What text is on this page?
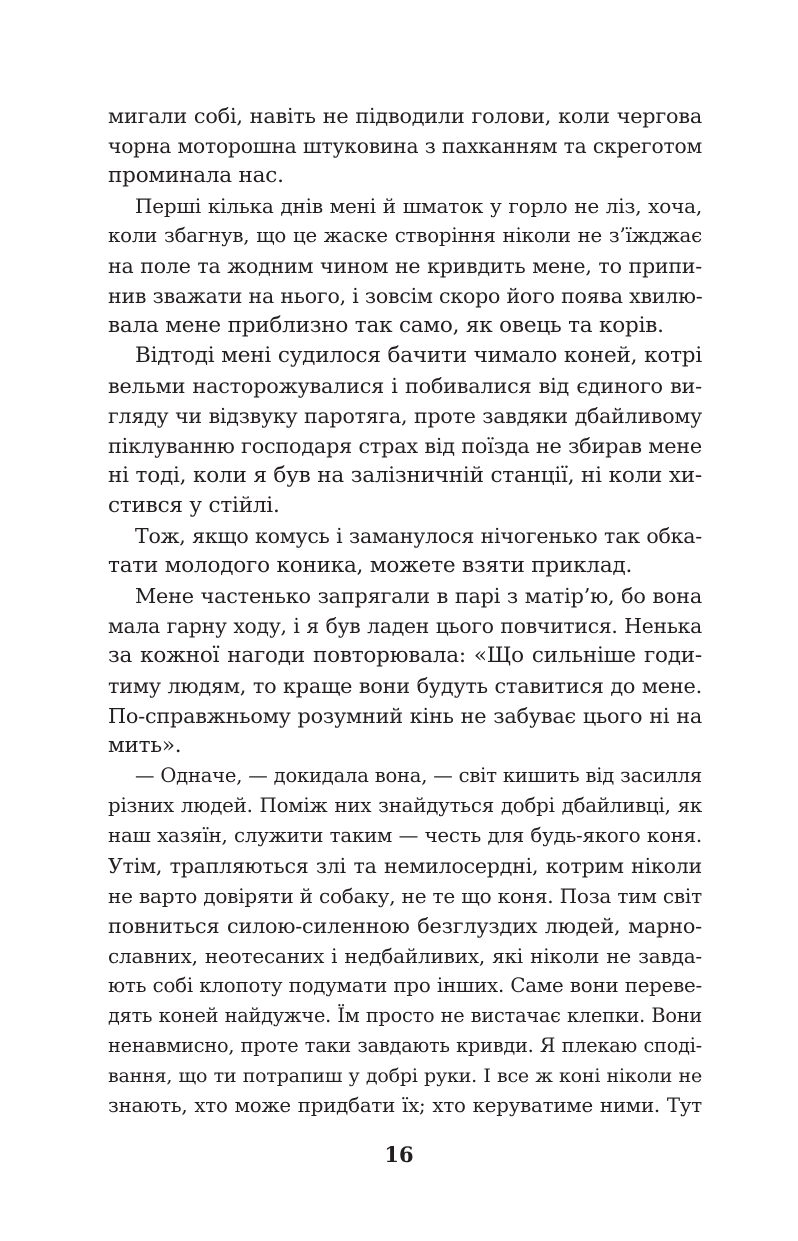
мигали собі, навіть не підводили голови, коли чергова
чорна моторошна штуковина з пахканням та скреготом
проминала нас.
Перші кілька днів мені й шматок у горло не ліз, хоча,
коли збагнув, що це жаске створіння ніколи не з’їжджає
на поле та жодним чином не кривдить мене, то припи-
нив зважати на нього, і зовсім скоро його поява хвилю-
вала мене приблизно так само, як овець та корів.
Відтоді мені судилося бачити чимало коней, котрі
вельми насторожувалися і побивалися від єдиного ви-
гляду чи відзвуку паротяга, проте завдяки дбайливому
піклуванню господаря страх від поїзда не збирав мене
ні тоді, коли я був на залізничній станції, ні коли хи-
стився у стійлі.
Тож, якщо комусь і заманулося нічогенько так обка-
тати молодого коника, можете взяти приклад.
Мене частенько запрягали в парі з матір’ю, бо вона
мала гарну ходу, і я був ладен цього повчитися. Ненька
за кожної нагоди повторювала: «Що сильніше годи-
тиму людям, то краще вони будуть ставитися до мене.
По-справжньому розумний кінь не забуває цього ні на
мить».
— Одначе, — докидала вона, — світ кишить від засилля
різних людей. Поміж них знайдуться добрі дбайливці, як
наш хазяїн, служити таким — честь для будь-якого коня.
Утім, трапляються злі та немилосердні, котрим ніколи
не варто довіряти й собаку, не те що коня. Поза тим світ
повниться силою-силенною безглуздих людей, марно-
славних, неотесаних і недбайливих, які ніколи не завда-
ють собі клопоту подумати про інших. Саме вони переве-
дять коней найдужче. Їм просто не вистачає клепки. Вони
ненавмисно, проте таки завдають кривди. Я плекаю споді-
вання, що ти потрапиш у добрі руки. І все ж коні ніколи не
знають, хто може придбати їх; хто керуватиме ними. Тут
16
